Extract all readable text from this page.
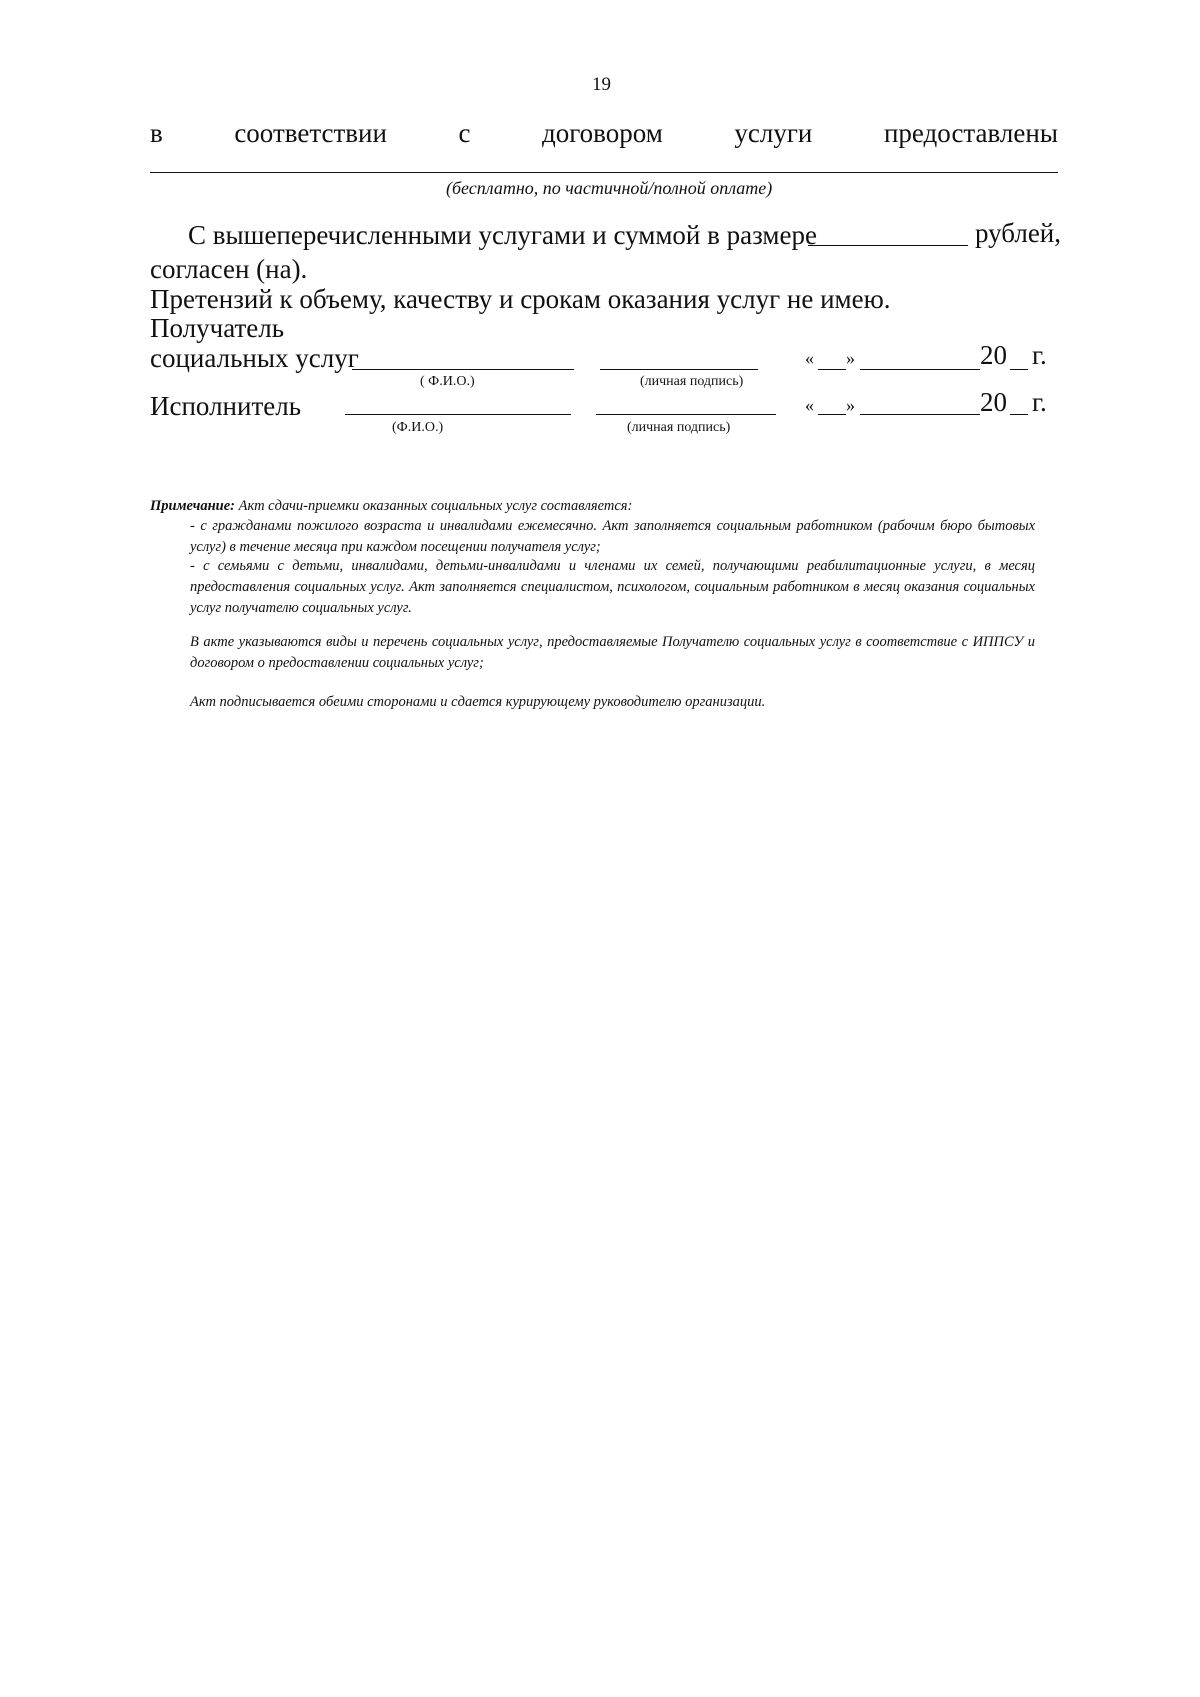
19
в	соответствии	с	договором	услуги	предоставлены
(бесплатно, по частичной/полной оплате)
С вышеперечисленными услугами и суммой в размере	рублей,
согласен (на).
Претензий к объему, качеству и срокам оказания услуг не имею.
Получатель
социальных услуг
( Ф.И.О.)	(личная подпись)
« »	20 г.
Исполнитель
(Ф.И.О.)	(личная подпись)
« »	20 г.
Примечание: Акт сдачи-приемки оказанных социальных услуг составляется:
- с гражданами пожилого возраста и инвалидами ежемесячно. Акт заполняется социальным работником (рабочим бюро бытовых услуг) в течение месяца при каждом посещении получателя услуг;
- с семьями с детьми, инвалидами, детьми-инвалидами и членами их семей, получающими реабилитационные услуги, в месяц предоставления социальных услуг. Акт заполняется специалистом, психологом, социальным работником в месяц оказания социальных услуг получателю социальных услуг.
В акте указываются виды и перечень социальных услуг, предоставляемые Получателю социальных услуг в соответствие с ИППСУ и договором о предоставлении социальных услуг;
Акт подписывается обеими сторонами и сдается курирующему руководителю организации.
